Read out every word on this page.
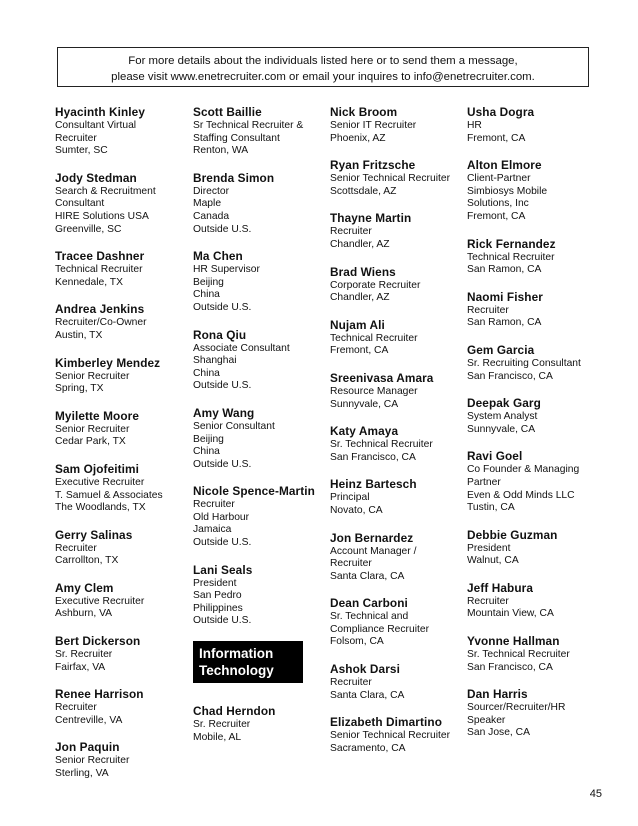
For more details about the individuals listed here or to send them a message,
please visit www.enetrecruiter.com or email your inquires to info@enetrecruiter.com.
Hyacinth Kinley
Consultant Virtual
Recruiter
Sumter, SC
Jody Stedman
Search & Recruitment
Consultant
HIRE Solutions USA
Greenville, SC
Tracee Dashner
Technical Recruiter
Kennedale, TX
Andrea Jenkins
Recruiter/Co-Owner
Austin, TX
Kimberley Mendez
Senior Recruiter
Spring, TX
Myilette Moore
Senior Recruiter
Cedar Park, TX
Sam Ojofeitimi
Executive Recruiter
T. Samuel & Associates
The Woodlands, TX
Gerry Salinas
Recruiter
Carrollton, TX
Amy Clem
Executive Recruiter
Ashburn, VA
Bert Dickerson
Sr. Recruiter
Fairfax, VA
Renee Harrison
Recruiter
Centreville, VA
Jon Paquin
Senior Recruiter
Sterling, VA
Scott Baillie
Sr Technical Recruiter &
Staffing Consultant
Renton, WA
Brenda Simon
Director
Maple
Canada
Outside U.S.
Ma Chen
HR Supervisor
Beijing
China
Outside U.S.
Rona Qiu
Associate Consultant
Shanghai
China
Outside U.S.
Amy Wang
Senior Consultant
Beijing
China
Outside U.S.
Nicole Spence-Martin
Recruiter
Old Harbour
Jamaica
Outside U.S.
Lani Seals
President
San Pedro
Philippines
Outside U.S.
Information
Technology
Chad Herndon
Sr. Recruiter
Mobile, AL
Nick Broom
Senior IT Recruiter
Phoenix, AZ
Ryan Fritzsche
Senior Technical Recruiter
Scottsdale, AZ
Thayne Martin
Recruiter
Chandler, AZ
Brad Wiens
Corporate Recruiter
Chandler, AZ
Nujam Ali
Technical Recruiter
Fremont, CA
Sreenivasa Amara
Resource Manager
Sunnyvale, CA
Katy Amaya
Sr. Technical Recruiter
San Francisco, CA
Heinz Bartesch
Principal
Novato, CA
Jon Bernardez
Account Manager /
Recruiter
Santa Clara, CA
Dean Carboni
Sr. Technical and
Compliance Recruiter
Folsom, CA
Ashok Darsi
Recruiter
Santa Clara, CA
Elizabeth Dimartino
Senior Technical Recruiter
Sacramento, CA
Usha Dogra
HR
Fremont, CA
Alton Elmore
Client-Partner
Simbiosys Mobile
Solutions, Inc
Fremont, CA
Rick Fernandez
Technical Recruiter
San Ramon, CA
Naomi Fisher
Recruiter
San Ramon, CA
Gem Garcia
Sr. Recruiting Consultant
San Francisco, CA
Deepak Garg
System Analyst
Sunnyvale, CA
Ravi Goel
Co Founder & Managing
Partner
Even & Odd Minds LLC
Tustin, CA
Debbie Guzman
President
Walnut, CA
Jeff Habura
Recruiter
Mountain View, CA
Yvonne Hallman
Sr. Technical Recruiter
San Francisco, CA
Dan Harris
Sourcer/Recruiter/HR
Speaker
San Jose, CA
45
